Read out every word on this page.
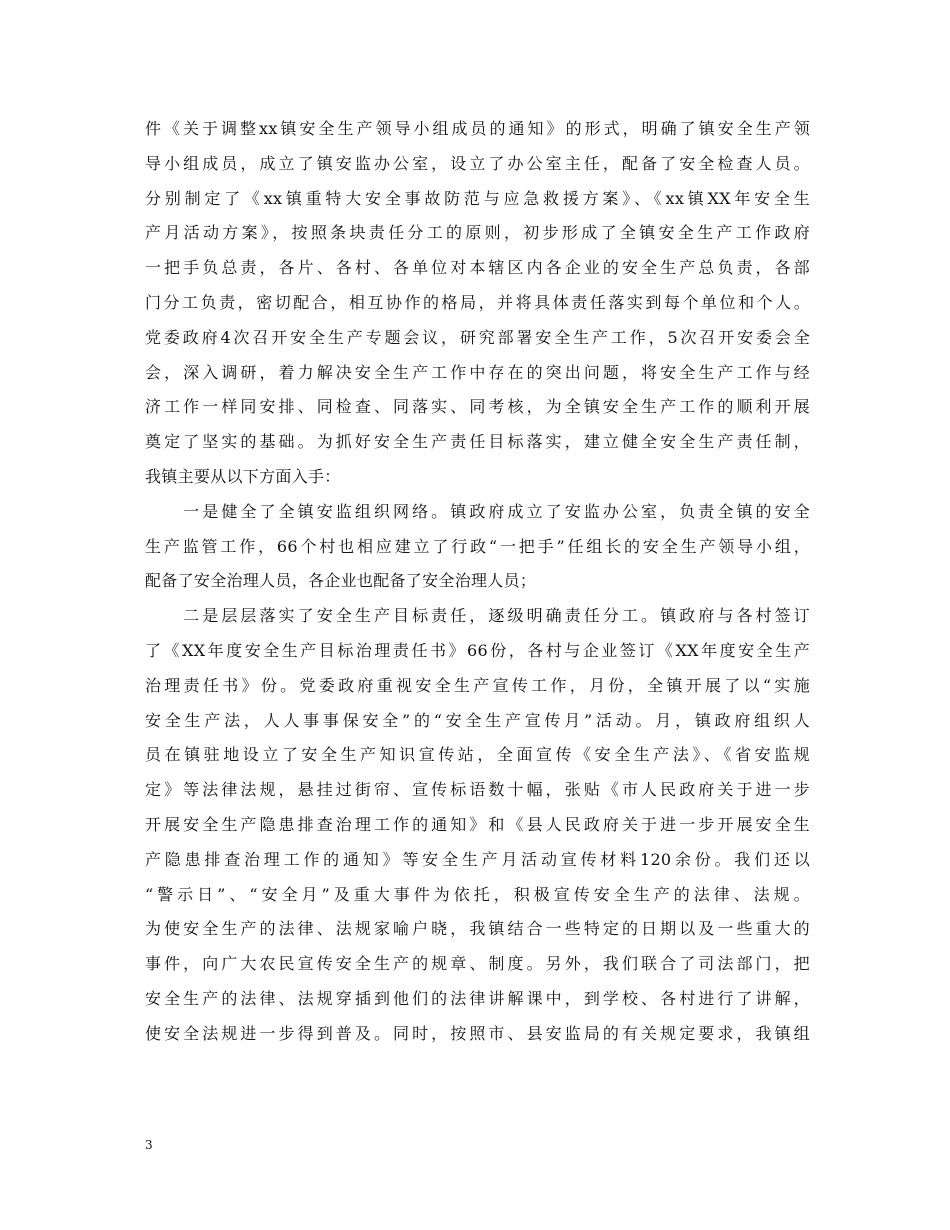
件《关于调整xx镇安全生产领导小组成员的通知》的形式，明确了镇安全生产领
导小组成员，成立了镇安监办公室，设立了办公室主任，配备了安全检查人员。
分别制定了《xx镇重特大安全事故防范与应急救援方案》、《xx镇XX年安全生
产月活动方案》，按照条块责任分工的原则，初步形成了全镇安全生产工作政府
一把手负总责，各片、各村、各单位对本辖区内各企业的安全生产总负责，各部
门分工负责，密切配合，相互协作的格局，并将具体责任落实到每个单位和个人。
党委政府4次召开安全生产专题会议，研究部署安全生产工作，5次召开安委会全
会，深入调研，着力解决安全生产工作中存在的突出问题，将安全生产工作与经
济工作一样同安排、同检查、同落实、同考核，为全镇安全生产工作的顺利开展
奠定了坚实的基础。为抓好安全生产责任目标落实，建立健全安全生产责任制，
我镇主要从以下方面入手：
　　一是健全了全镇安监组织网络。镇政府成立了安监办公室，负责全镇的安全
生产监管工作，66个村也相应建立了行政“一把手”任组长的安全生产领导小组，
配备了安全治理人员，各企业也配备了安全治理人员；
　　二是层层落实了安全生产目标责任，逐级明确责任分工。镇政府与各村签订
了《XX年度安全生产目标治理责任书》66份，各村与企业签订《XX年度安全生产
治理责任书》份。党委政府重视安全生产宣传工作，月份，全镇开展了以“实施
安全生产法，人人事事保安全”的“安全生产宣传月”活动。月，镇政府组织人
员在镇驻地设立了安全生产知识宣传站，全面宣传《安全生产法》、《省安监规
定》等法律法规，悬挂过街帘、宣传标语数十幅，张贴《市人民政府关于进一步
开展安全生产隐患排查治理工作的通知》和《县人民政府关于进一步开展安全生
产隐患排查治理工作的通知》等安全生产月活动宣传材料120余份。我们还以
“警示日”、“安全月”及重大事件为依托，积极宣传安全生产的法律、法规。
为使安全生产的法律、法规家喻户晓，我镇结合一些特定的日期以及一些重大的
事件，向广大农民宣传安全生产的规章、制度。另外，我们联合了司法部门，把
安全生产的法律、法规穿插到他们的法律讲解课中，到学校、各村进行了讲解，
使安全法规进一步得到普及。同时，按照市、县安监局的有关规定要求，我镇组
3
